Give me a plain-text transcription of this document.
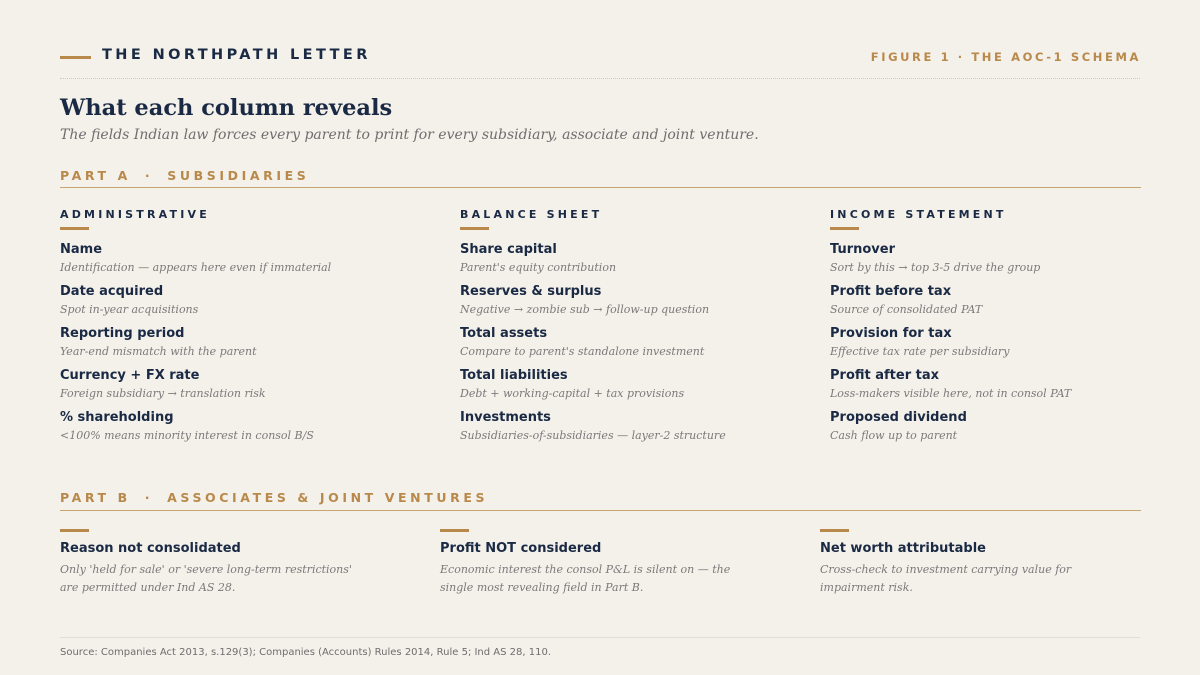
THE NORTHPATH LETTER	FIGURE 1 · THE AOC-1 SCHEMA
What each column reveals
The fields Indian law forces every parent to print for every subsidiary, associate and joint venture.
PART A · SUBSIDIARIES
ADMINISTRATIVE
Name
Identification — appears here even if immaterial
Date acquired
Spot in-year acquisitions
Reporting period
Year-end mismatch with the parent
Currency + FX rate
Foreign subsidiary → translation risk
% shareholding
<100% means minority interest in consol B/S
BALANCE SHEET
Share capital
Parent's equity contribution
Reserves & surplus
Negative → zombie sub → follow-up question
Total assets
Compare to parent's standalone investment
Total liabilities
Debt + working-capital + tax provisions
Investments
Subsidiaries-of-subsidiaries — layer-2 structure
INCOME STATEMENT
Turnover
Sort by this → top 3-5 drive the group
Profit before tax
Source of consolidated PAT
Provision for tax
Effective tax rate per subsidiary
Profit after tax
Loss-makers visible here, not in consol PAT
Proposed dividend
Cash flow up to parent
PART B · ASSOCIATES & JOINT VENTURES
Reason not consolidated
Only 'held for sale' or 'severe long-term restrictions' are permitted under Ind AS 28.
Profit NOT considered
Economic interest the consol P&L is silent on — the single most revealing field in Part B.
Net worth attributable
Cross-check to investment carrying value for impairment risk.
Source: Companies Act 2013, s.129(3); Companies (Accounts) Rules 2014, Rule 5; Ind AS 28, 110.
